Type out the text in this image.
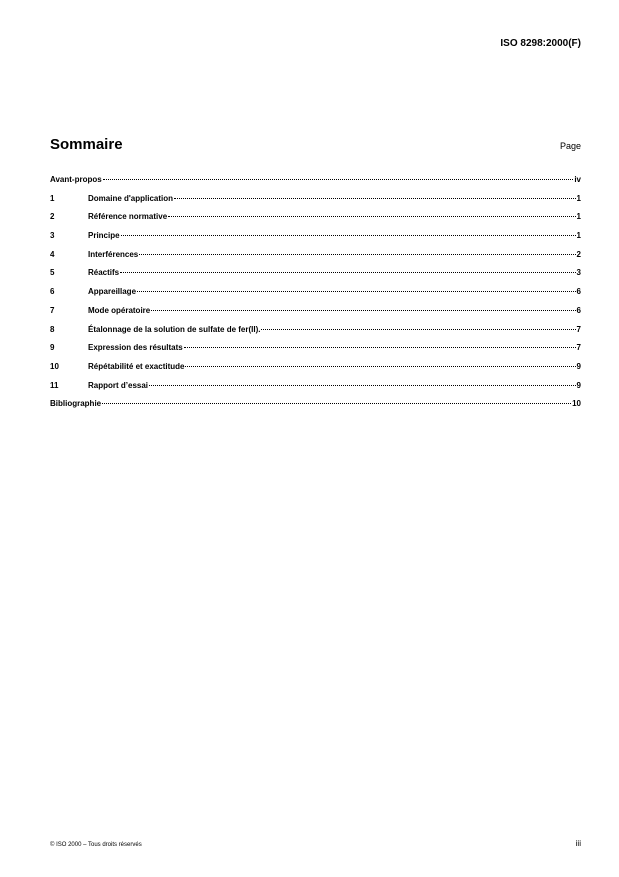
ISO 8298:2000(F)
Sommaire	Page
Avant-propos	iv
1	Domaine d'application	1
2	Référence normative	1
3	Principe	1
4	Interférences	2
5	Réactifs	3
6	Appareillage	6
7	Mode opératoire	6
8	Étalonnage de la solution de sulfate de fer(II).	7
9	Expression des résultats	7
10	Répétabilité et exactitude	9
11	Rapport d’essai	9
Bibliographie	10
© ISO 2000 – Tous droits réservés	iii
